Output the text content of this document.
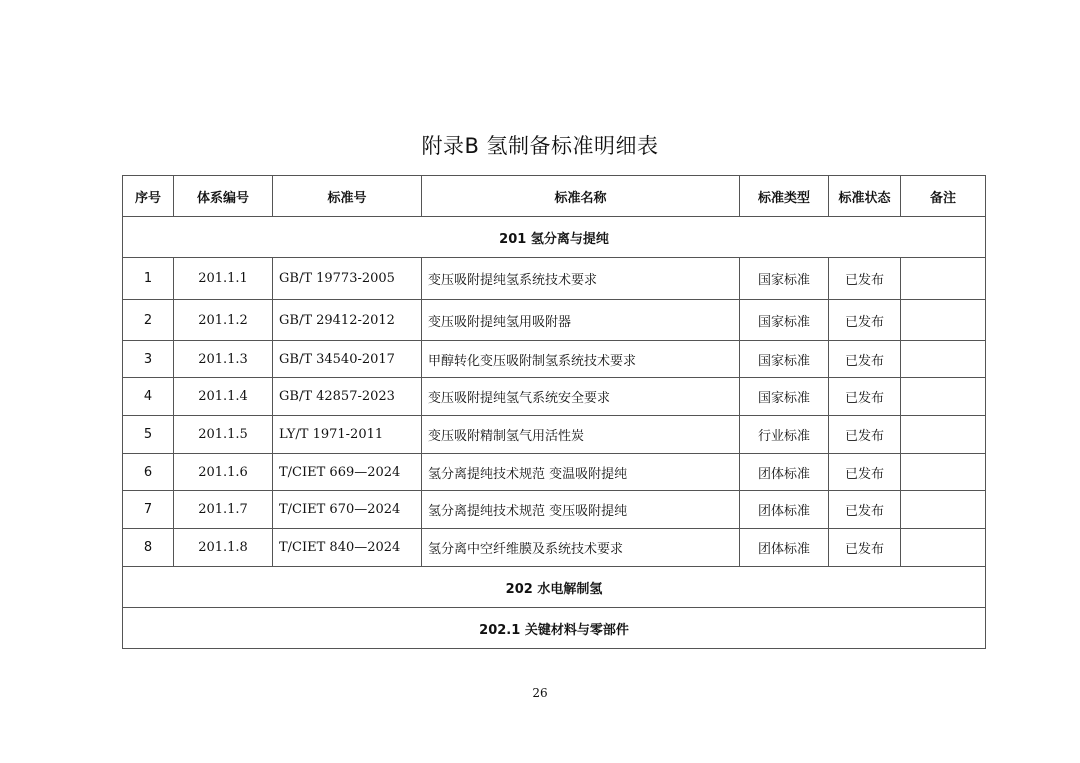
附录B 氢制备标准明细表
序号	体系编号	标准号	标准名称	标准类型	标准状态	备注
201 氢分离与提纯						
1	201.1.1	GB/T 19773-2005	变压吸附提纯氢系统技术要求	国家标准	已发布	
2	201.1.2	GB/T 29412-2012	变压吸附提纯氢用吸附器	国家标准	已发布	
3	201.1.3	GB/T 34540-2017	甲醇转化变压吸附制氢系统技术要求	国家标准	已发布	
4	201.1.4	GB/T 42857-2023	变压吸附提纯氢气系统安全要求	国家标准	已发布	
5	201.1.5	LY/T 1971-2011	变压吸附精制氢气用活性炭	行业标准	已发布	
6	201.1.6	T/CIET 669—2024	氢分离提纯技术规范 变温吸附提纯	团体标准	已发布	
7	201.1.7	T/CIET 670—2024	氢分离提纯技术规范 变压吸附提纯	团体标准	已发布	
8	201.1.8	T/CIET 840—2024	氢分离中空纤维膜及系统技术要求	团体标准	已发布	
202 水电解制氢						
202.1 关键材料与零部件						
26
